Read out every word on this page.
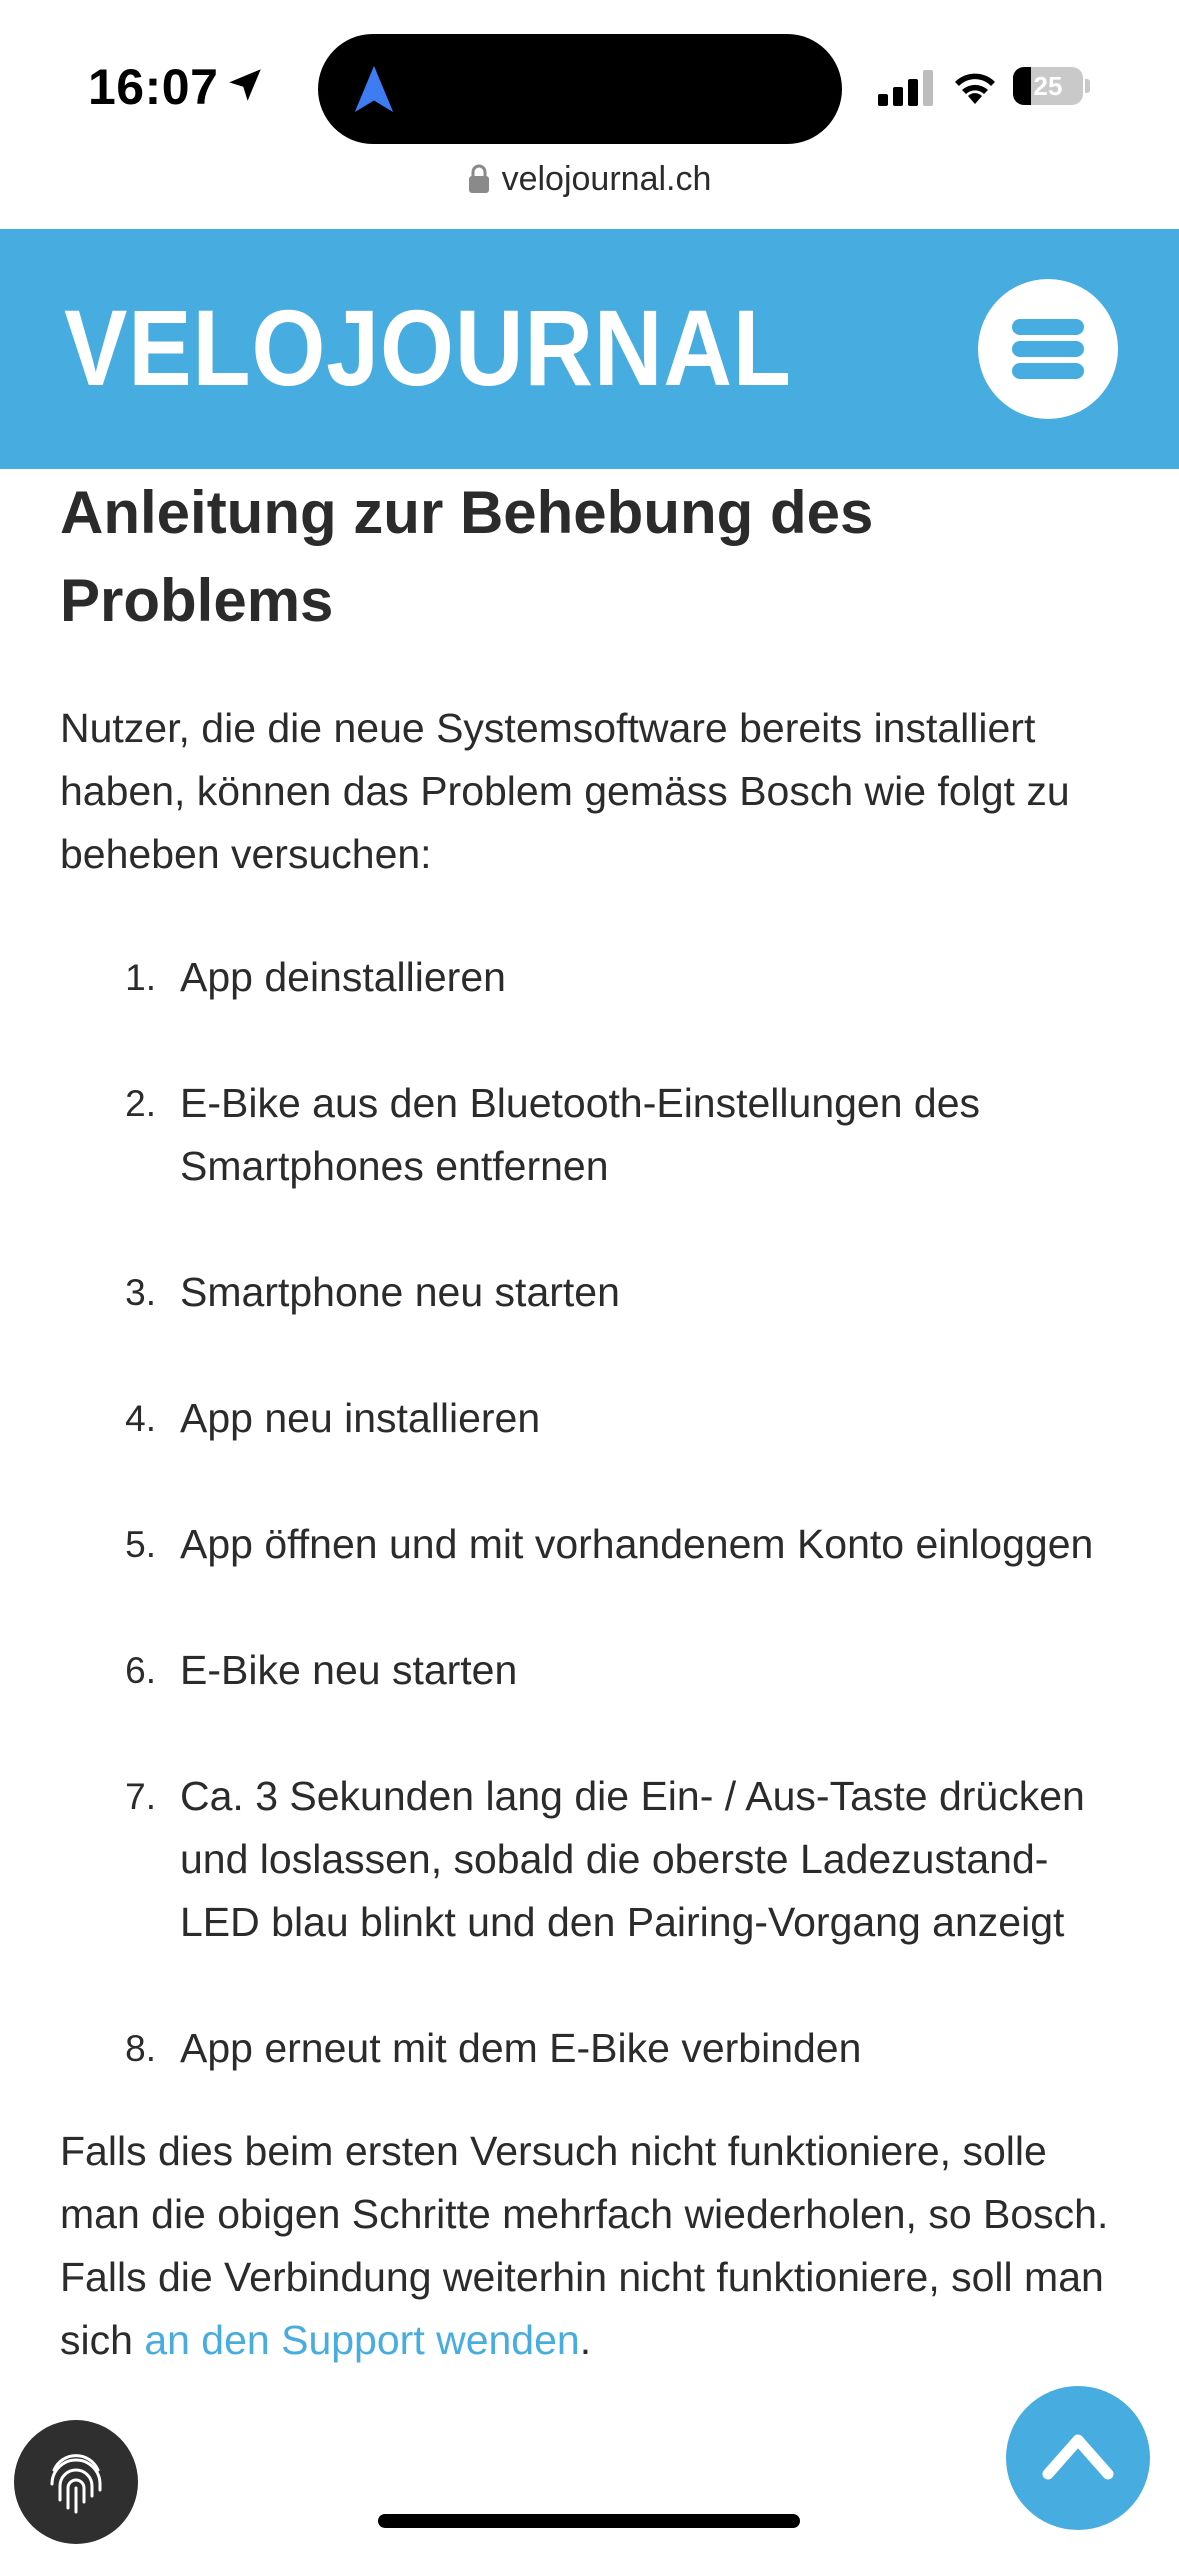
16:07	25
velojournal.ch
VELOJOURNAL
Anleitung zur Behebung des Problems

Nutzer, die die neue Systemsoftware bereits installiert haben, können das Problem gemäss Bosch wie folgt zu beheben versuchen:

1. App deinstallieren
2. E-Bike aus den Bluetooth-Einstellungen des Smartphones entfernen
3. Smartphone neu starten
4. App neu installieren
5. App öffnen und mit vorhandenem Konto einloggen
6. E-Bike neu starten
7. Ca. 3 Sekunden lang die Ein- / Aus-Taste drücken und loslassen, sobald die oberste Ladezustand-LED blau blinkt und den Pairing-Vorgang anzeigt
8. App erneut mit dem E-Bike verbinden

Falls dies beim ersten Versuch nicht funktioniere, solle man die obigen Schritte mehrfach wiederholen, so Bosch. Falls die Verbindung weiterhin nicht funktioniere, soll man sich an den Support wenden.
